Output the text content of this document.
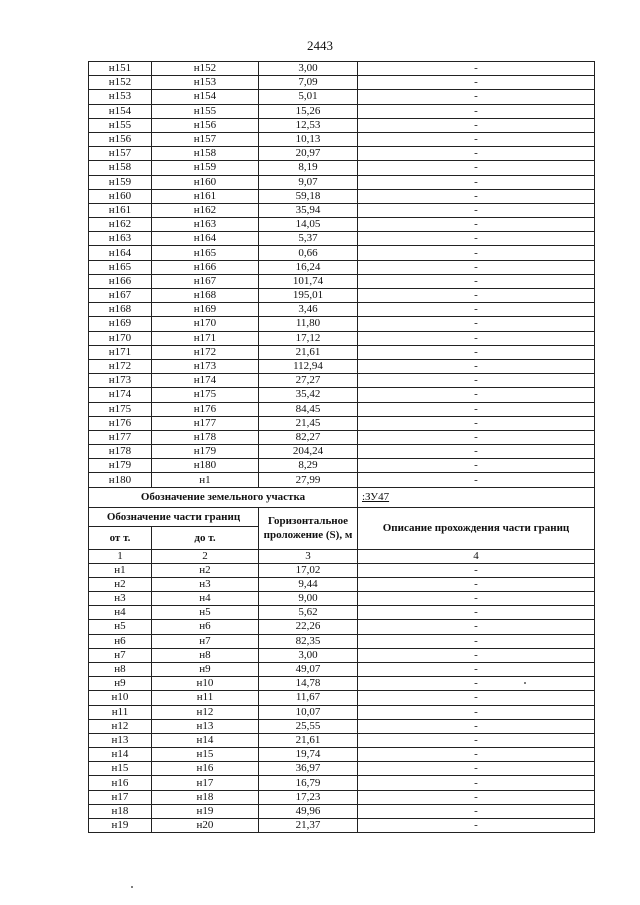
2443
н151	н152	3,00	-
н152	н153	7,09	-
н153	н154	5,01	-
н154	н155	15,26	-
н155	н156	12,53	-
н156	н157	10,13	-
н157	н158	20,97	-
н158	н159	8,19	-
н159	н160	9,07	-
н160	н161	59,18	-
н161	н162	35,94	-
н162	н163	14,05	-
н163	н164	5,37	-
н164	н165	0,66	-
н165	н166	16,24	-
н166	н167	101,74	-
н167	н168	195,01	-
н168	н169	3,46	-
н169	н170	11,80	-
н170	н171	17,12	-
н171	н172	21,61	-
н172	н173	112,94	-
н173	н174	27,27	-
н174	н175	35,42	-
н175	н176	84,45	-
н176	н177	21,45	-
н177	н178	82,27	-
н178	н179	204,24	-
н179	н180	8,29	-
н180	н1	27,99	-
Обозначение земельного участка			:ЗУ47
Обозначение части границ		Горизонтальное проложение (S), м	Описание прохождения части границ
от т.	до т.		
1	2	3	4
н1	н2	17,02	-
н2	н3	9,44	-
н3	н4	9,00	-
н4	н5	5,62	-
н5	н6	22,26	-
н6	н7	82,35	-
н7	н8	3,00	-
н8	н9	49,07	-
н9	н10	14,78	-
н10	н11	11,67	-
н11	н12	10,07	-
н12	н13	25,55	-
н13	н14	21,61	-
н14	н15	19,74	-
н15	н16	36,97	-
н16	н17	16,79	-
н17	н18	17,23	-
н18	н19	49,96	-
н19	н20	21,37	-
